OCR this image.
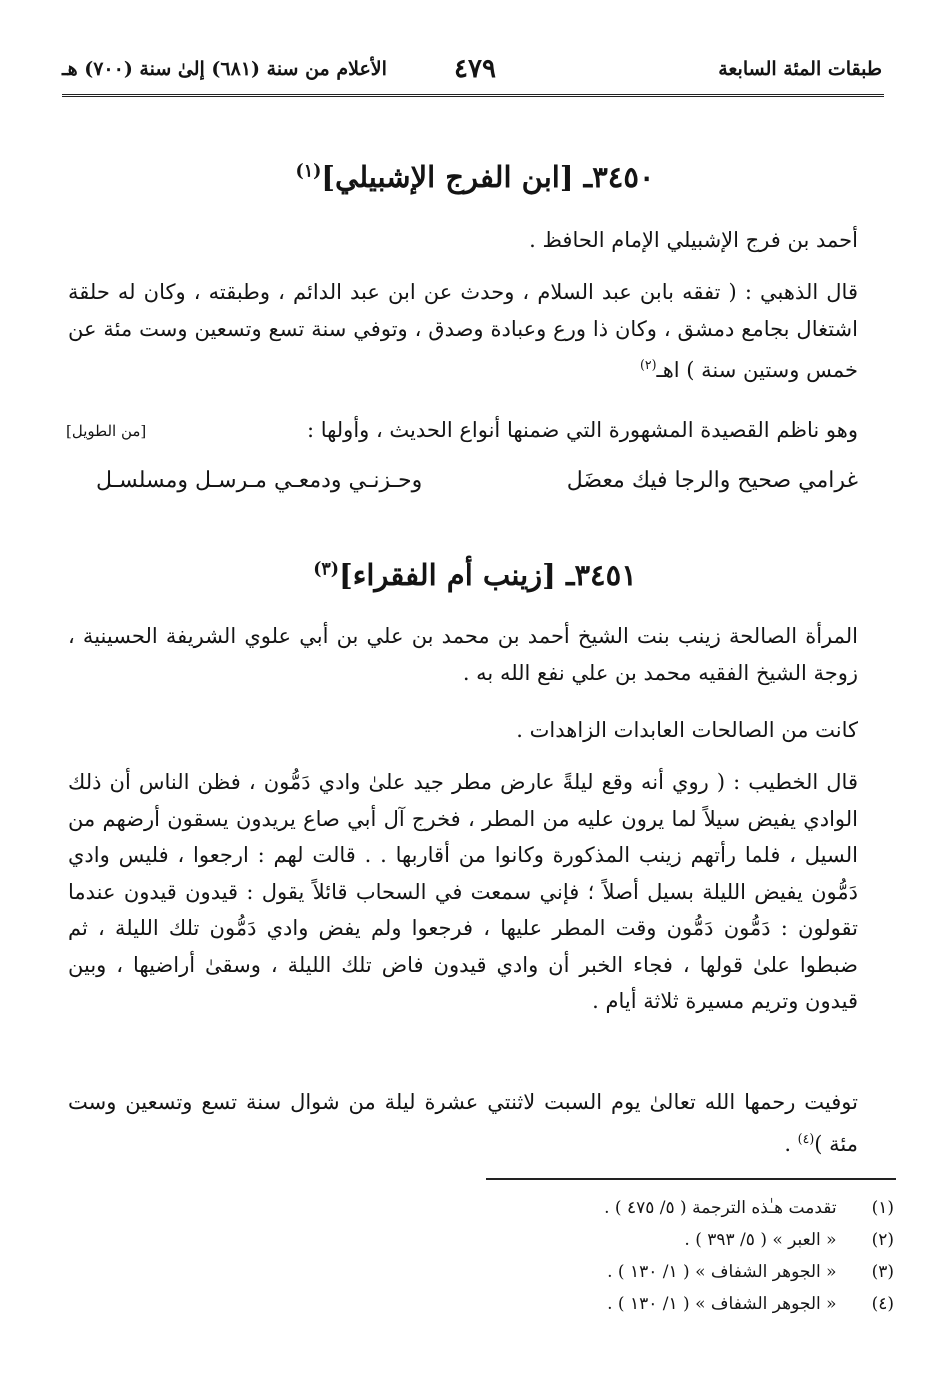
طبقات المئة السابعة
٤٧٩
الأعلام من سنة (٦٨١) إلىٰ سنة (٧٠٠) هـ
٣٤٥٠ـ [ابن الفرج الإشبيلي]$^{(١)}$
أحمد بن فرج الإشبيلي الإمام الحافظ .
قال الذهبي : ( تفقه بابن عبد السلام ، وحدث عن ابن عبد الدائم ، وطبقته ، وكان له حلقة اشتغال بجامع دمشق ، وكان ذا ورع وعبادة وصدق ، وتوفي سنة تسع وتسعين وست مئة عن خمس وستين سنة ) اهـ$^{(٢)}$
وهو ناظم القصيدة المشهورة التي ضمنها أنواع الحديث ، وأولها :
[من الطويل]
غرامي صحيح والرجا فيك معضَل
وحـزنـي ودمعـي مـرسـل ومسلسـل
٣٤٥١ـ [زينب أم الفقراء]$^{(٣)}$
المرأة الصالحة زينب بنت الشيخ أحمد بن محمد بن علي بن أبي علوي الشريفة الحسينية ، زوجة الشيخ الفقيه محمد بن علي نفع الله به .
كانت من الصالحات العابدات الزاهدات .
قال الخطيب : ( روي أنه وقع ليلةً عارض مطر جيد علىٰ وادي دَمُّون ، فظن الناس أن ذلك الوادي يفيض سيلاً لما يرون عليه من المطر ، فخرج آل أبي صاع يريدون يسقون أرضهم من السيل ، فلما رأتهم زينب المذكورة وكانوا من أقاربها . . قالت لهم : ارجعوا ، فليس وادي دَمُّون يفيض الليلة بسيل أصلاً ؛ فإني سمعت في السحاب قائلاً يقول : قيدون قيدون عندما تقولون : دَمُّون دَمُّون وقت المطر عليها ، فرجعوا ولم يفض وادي دَمُّون تلك الليلة ، ثم ضبطوا علىٰ قولها ، فجاء الخبر أن وادي قيدون فاض تلك الليلة ، وسقىٰ أراضيها ، وبين قيدون وتريم مسيرة ثلاثة أيام .
توفيت رحمها الله تعالىٰ يوم السبت لاثنتي عشرة ليلة من شوال سنة تسع وتسعين وست مئة )$^{(٤)}$ .
(١) تقدمت هـٰذه الترجمة ( ٥/ ٤٧٥ ) .
(٢) « العبر » ( ٥/ ٣٩٣ ) .
(٣) « الجوهر الشفاف » ( ١/ ١٣٠ ) .
(٤) « الجوهر الشفاف » ( ١/ ١٣٠ ) .
